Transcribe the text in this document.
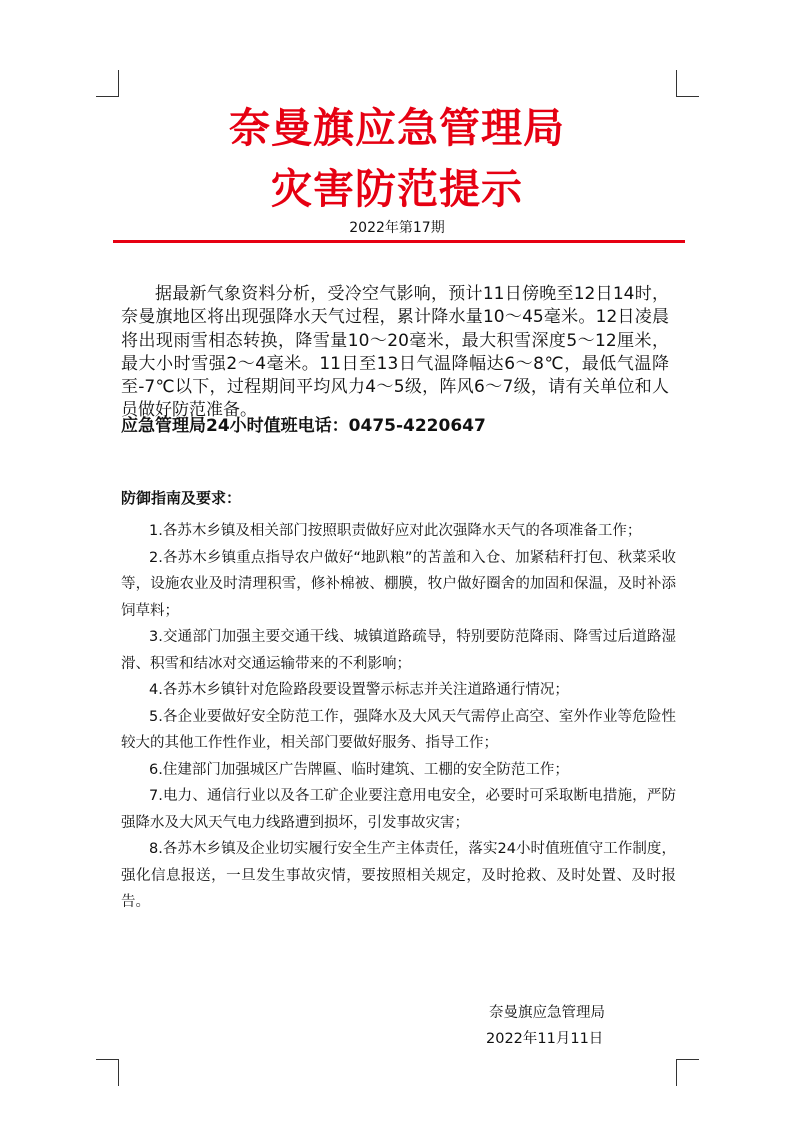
奈曼旗应急管理局
灾害防范提示
2022年第17期

据最新气象资料分析，受冷空气影响，预计11日傍晚至12日14时，奈曼旗地区将出现强降水天气过程，累计降水量10～45毫米。12日凌晨将出现雨雪相态转换，降雪量10～20毫米，最大积雪深度5～12厘米，最大小时雪强2～4毫米。11日至13日气温降幅达6～8℃，最低气温降至-7℃以下，过程期间平均风力4～5级，阵风6～7级，请有关单位和人员做好防范准备。

应急管理局24小时值班电话：0475-4220647
防御指南及要求：
1.各苏木乡镇及相关部门按照职责做好应对此次强降水天气的各项准备工作；
2.各苏木乡镇重点指导农户做好“地趴粮”的苫盖和入仓、加紧秸秆打包、秋菜采收等，设施农业及时清理积雪，修补棉被、棚膜，牧户做好圈舍的加固和保温，及时补添饲草料；
3.交通部门加强主要交通干线、城镇道路疏导，特别要防范降雨、降雪过后道路湿滑、积雪和结冰对交通运输带来的不利影响；
4.各苏木乡镇针对危险路段要设置警示标志并关注道路通行情况；
5.各企业要做好安全防范工作，强降水及大风天气需停止高空、室外作业等危险性较大的其他工作性作业，相关部门要做好服务、指导工作；
6.住建部门加强城区广告牌匾、临时建筑、工棚的安全防范工作；
7.电力、通信行业以及各工矿企业要注意用电安全，必要时可采取断电措施，严防强降水及大风天气电力线路遭到损坏，引发事故灾害；
8.各苏木乡镇及企业切实履行安全生产主体责任，落实24小时值班值守工作制度，强化信息报送，一旦发生事故灾情，要按照相关规定，及时抢救、及时处置、及时报告。
奈曼旗应急管理局
2022年11月11日
